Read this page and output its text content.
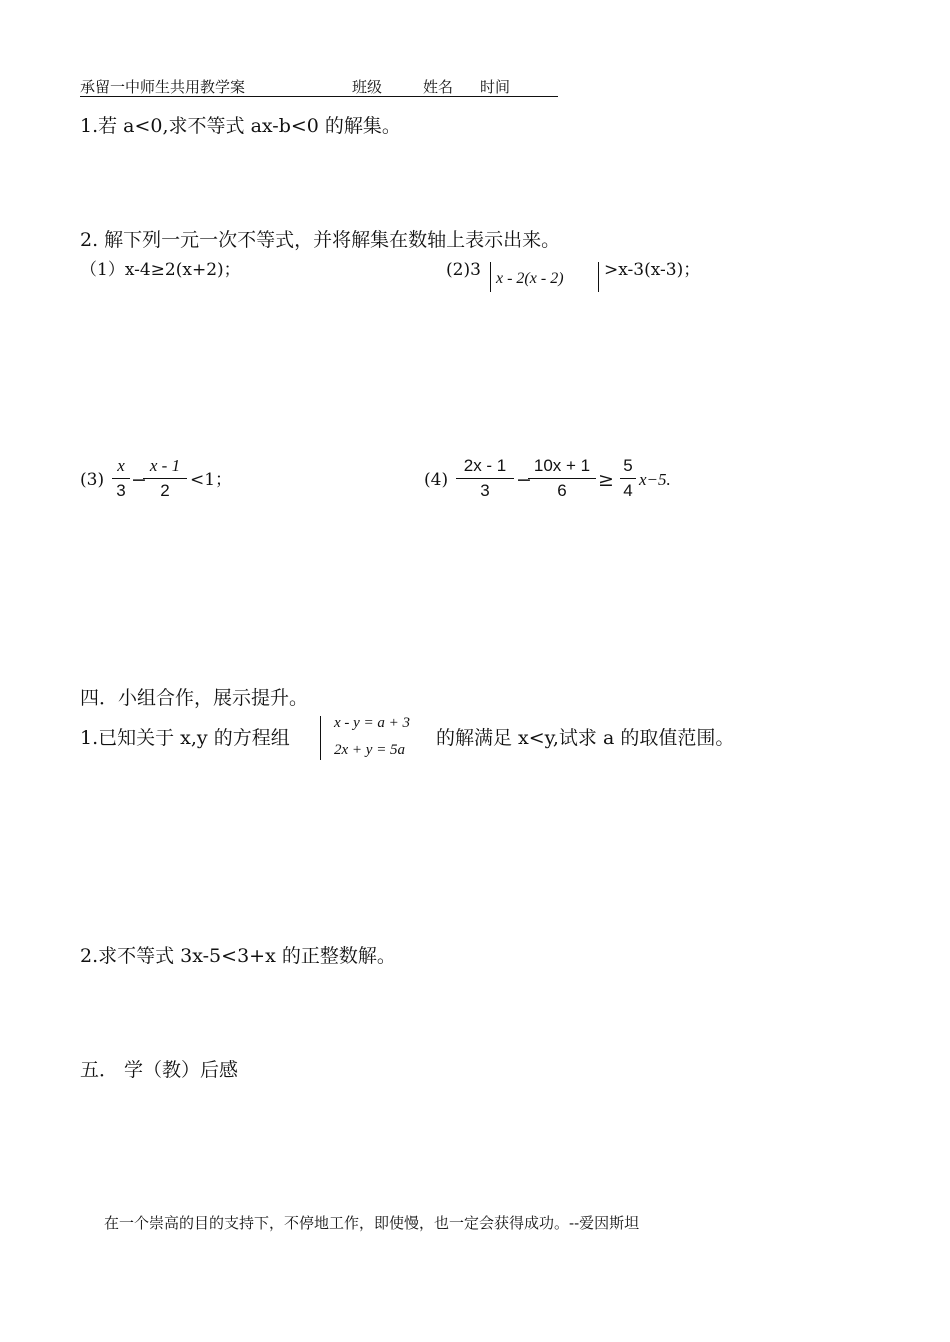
承留一中师生共用教学案	班级	姓名 时间
1.若 a<0,求不等式 ax-b<0 的解集。
2. 解下列一元一次不等式，并将解集在数轴上表示出来。
（1）x-4≥2(x+2)；	(2)3 x - 2(x - 2) >x-3(x-3)；
(3)
x
3 −
x - 1
2
<1；	(4)
2x - 1
3	−
10x + 1
6	≥
5
4
x−5.
四．小组合作，展示提升。
1.已知关于 x,y 的方程组
x - y = a + 3
2x + y = 5a
的解满足 x<y,试求 a 的取值范围。
2.求不等式 3x-5<3+x 的正整数解。
五． 学（教）后感
在一个崇高的目的支持下，不停地工作，即使慢，也一定会获得成功。--爱因斯坦
